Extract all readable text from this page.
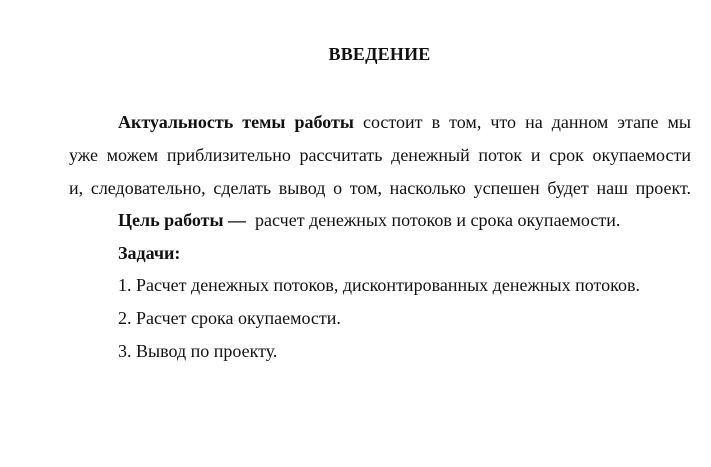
ВВЕДЕНИЕ
Актуальность темы работы состоит в том, что на данном этапе мы
уже можем приблизительно рассчитать денежный поток и срок окупаемости
и, следовательно, сделать вывод о том, насколько успешен будет наш проект.
Цель работы — расчет денежных потоков и срока окупаемости.
Задачи:
1. Расчет денежных потоков, дисконтированных денежных потоков.
2. Расчет срока окупаемости.
3. Вывод по проекту.
